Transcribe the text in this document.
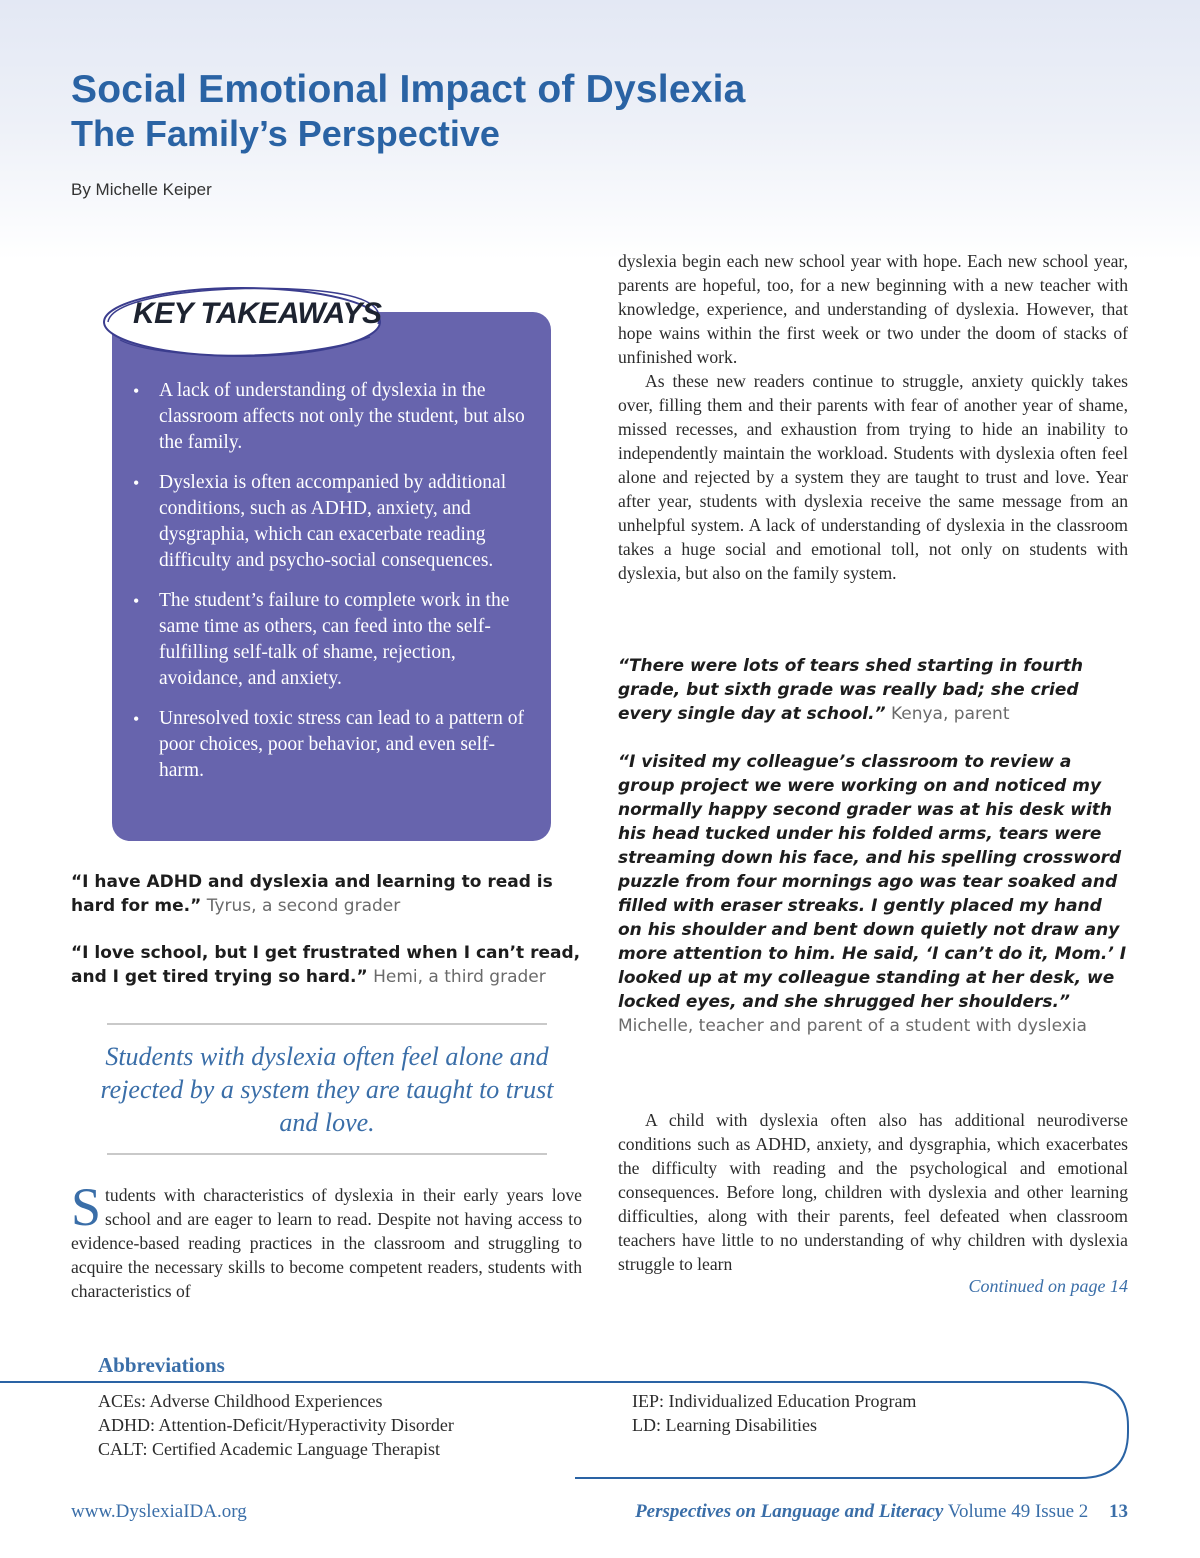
Social Emotional Impact of Dyslexia
The Family’s Perspective
By Michelle Keiper
KEY TAKEAWAYS
• A lack of understanding of dyslexia in the classroom affects not only the student, but also the family.
• Dyslexia is often accompanied by additional conditions, such as ADHD, anxiety, and dysgraphia, which can exacerbate reading difficulty and psycho-social consequences.
• The student’s failure to complete work in the same time as others, can feed into the self-fulfilling self-talk of shame, rejection, avoidance, and anxiety.
• Unresolved toxic stress can lead to a pattern of poor choices, poor behavior, and even self-harm.
“I have ADHD and dyslexia and learning to read is hard for me.” Tyrus, a second grader
“I love school, but I get frustrated when I can’t read, and I get tired trying so hard.” Hemi, a third grader
Students with dyslexia often feel alone and rejected by a system they are taught to trust and love.

Students with characteristics of dyslexia in their early years love school and are eager to learn to read. Despite not having access to evidence-based reading practices in the classroom and struggling to acquire the necessary skills to become competent readers, students with characteristics of

dyslexia begin each new school year with hope. Each new school year, parents are hopeful, too, for a new beginning with a new teacher with knowledge, experience, and understanding of dyslexia. However, that hope wains within the first week or two under the doom of stacks of unfinished work.

As these new readers continue to struggle, anxiety quickly takes over, filling them and their parents with fear of another year of shame, missed recesses, and exhaustion from trying to hide an inability to independently maintain the workload. Students with dyslexia often feel alone and rejected by a system they are taught to trust and love. Year after year, students with dyslexia receive the same message from an unhelpful system. A lack of understanding of dyslexia in the classroom takes a huge social and emotional toll, not only on students with dyslexia, but also on the family system.

“There were lots of tears shed starting in fourth grade, but sixth grade was really bad; she cried every single day at school.” Kenya, parent
“I visited my colleague’s classroom to review a group project we were working on and noticed my normally happy second grader was at his desk with his head tucked under his folded arms, tears were streaming down his face, and his spelling crossword puzzle from four mornings ago was tear soaked and filled with eraser streaks. I gently placed my hand on his shoulder and bent down quietly not draw any more attention to him. He said, ‘I can’t do it, Mom.’ I looked up at my colleague standing at her desk, we locked eyes, and she shrugged her shoulders.” Michelle, teacher and parent of a student with dyslexia

A child with dyslexia often also has additional neurodiverse conditions such as ADHD, anxiety, and dysgraphia, which exacerbates the difficulty with reading and the psychological and emotional consequences. Before long, children with dyslexia and other learning difficulties, along with their parents, feel defeated when classroom teachers have little to no understanding of why children with dyslexia struggle to learn

Continued on page 14
Abbreviations
ACEs: Adverse Childhood Experiences
ADHD: Attention-Deficit/Hyperactivity Disorder
CALT: Certified Academic Language Therapist
IEP: Individualized Education Program
LD: Learning Disabilities
www.DyslexiaIDA.org	Perspectives on Language and Literacy Volume 49 Issue 2 13
